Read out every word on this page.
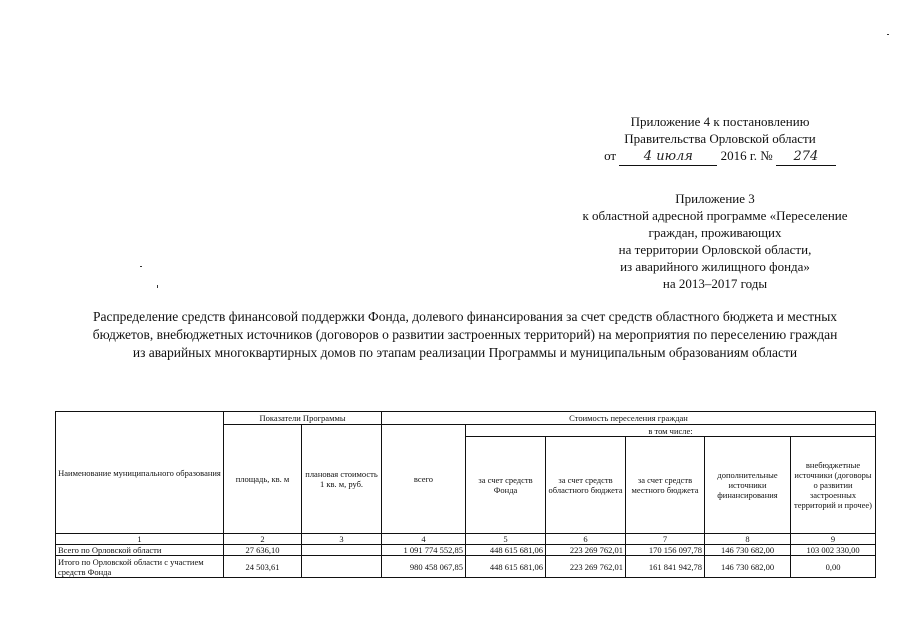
Приложение 4 к постановлению
Правительства Орловской области
от 4 июля 2016 г. № 274
Приложение 3
к областной адресной программе «Переселение
граждан, проживающих
на территории Орловской области,
из аварийного жилищного фонда»
на 2013–2017 годы
Распределение средств финансовой поддержки Фонда, долевого финансирования за счет средств областного бюджета и местных
бюджетов, внебюджетных источников (договоров о развитии застроенных территорий) на мероприятия по переселению граждан
из аварийных многоквартирных домов по этапам реализации Программы и муниципальным образованиям области
Наименование муниципального образования	Показатели Программы		Стоимость переселения граждан					
	площадь, кв. м	плановая стоимость 1 кв. м, руб.	всего	в том числе:				
				за счет средств Фонда	за счет средств областного бюджета	за счет средств местного бюджета	дополнительные источники финансирования	внебюджетные источники (договоры о развитии застроенных территорий и прочее)
1	2	3	4	5	6	7	8	9
Всего по Орловской области	27 636,10		1 091 774 552,85	448 615 681,06	223 269 762,01	170 156 097,78	146 730 682,00	103 002 330,00
Итого по Орловской области с участием средств Фонда	24 503,61		980 458 067,85	448 615 681,06	223 269 762,01	161 841 942,78	146 730 682,00	0,00
